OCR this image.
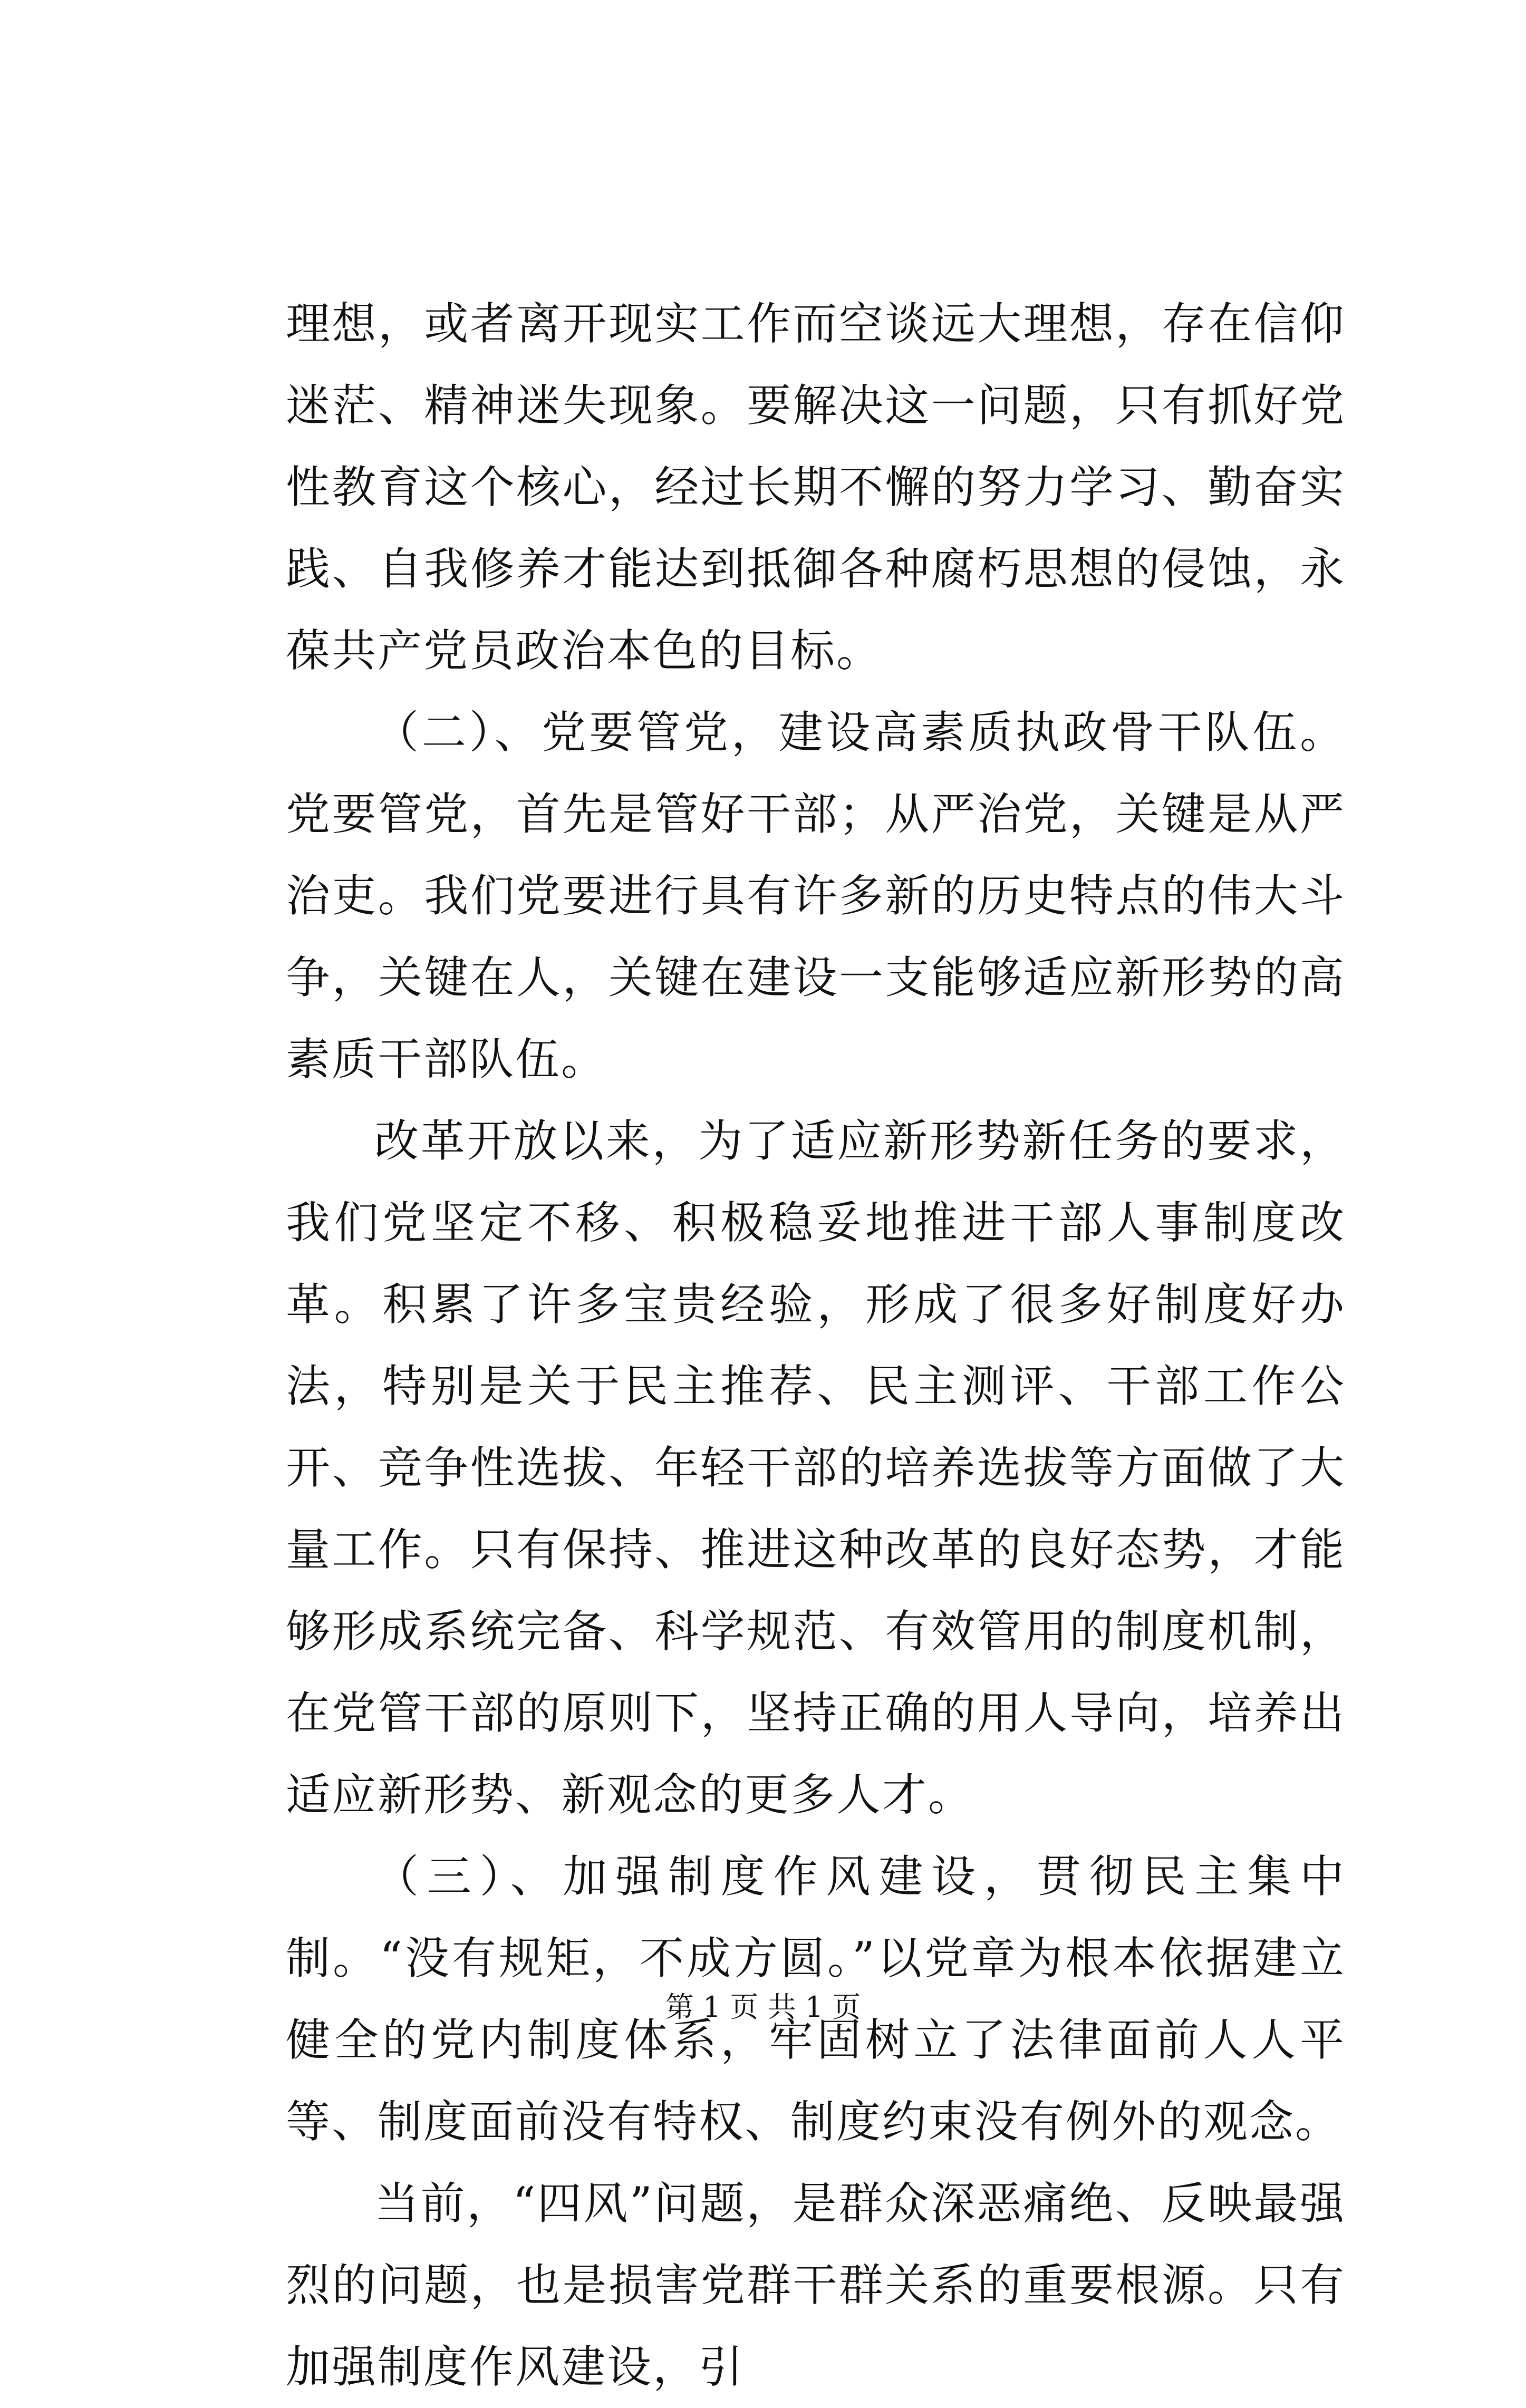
理想，或者离开现实工作而空谈远大理想，存在信仰迷茫、精神迷失现象。要解决这一问题，只有抓好党性教育这个核心，经过长期不懈的努力学习、勤奋实践、自我修养才能达到抵御各种腐朽思想的侵蚀，永葆共产党员政治本色的目标。

（二）、党要管党，建设高素质执政骨干队伍。党要管党，首先是管好干部；从严治党，关键是从严治吏。我们党要进行具有许多新的历史特点的伟大斗争，关键在人，关键在建设一支能够适应新形势的高素质干部队伍。

改革开放以来，为了适应新形势新任务的要求，我们党坚定不移、积极稳妥地推进干部人事制度改革。积累了许多宝贵经验，形成了很多好制度好办法，特别是关于民主推荐、民主测评、干部工作公开、竞争性选拔、年轻干部的培养选拔等方面做了大量工作。只有保持、推进这种改革的良好态势，才能够形成系统完备、科学规范、有效管用的制度机制，在党管干部的原则下，坚持正确的用人导向，培养出适应新形势、新观念的更多人才。

（三）、加强制度作风建设，贯彻民主集中制。“没有规矩，不成方圆。”以党章为根本依据建立健全的党内制度体系，牢固树立了法律面前人人平等、制度面前没有特权、制度约束没有例外的观念。

当前，“四风”问题，是群众深恶痛绝、反映最强烈的问题，也是损害党群干群关系的重要根源。只有加强制度作风建设，引

第 1 页 共 1 页
